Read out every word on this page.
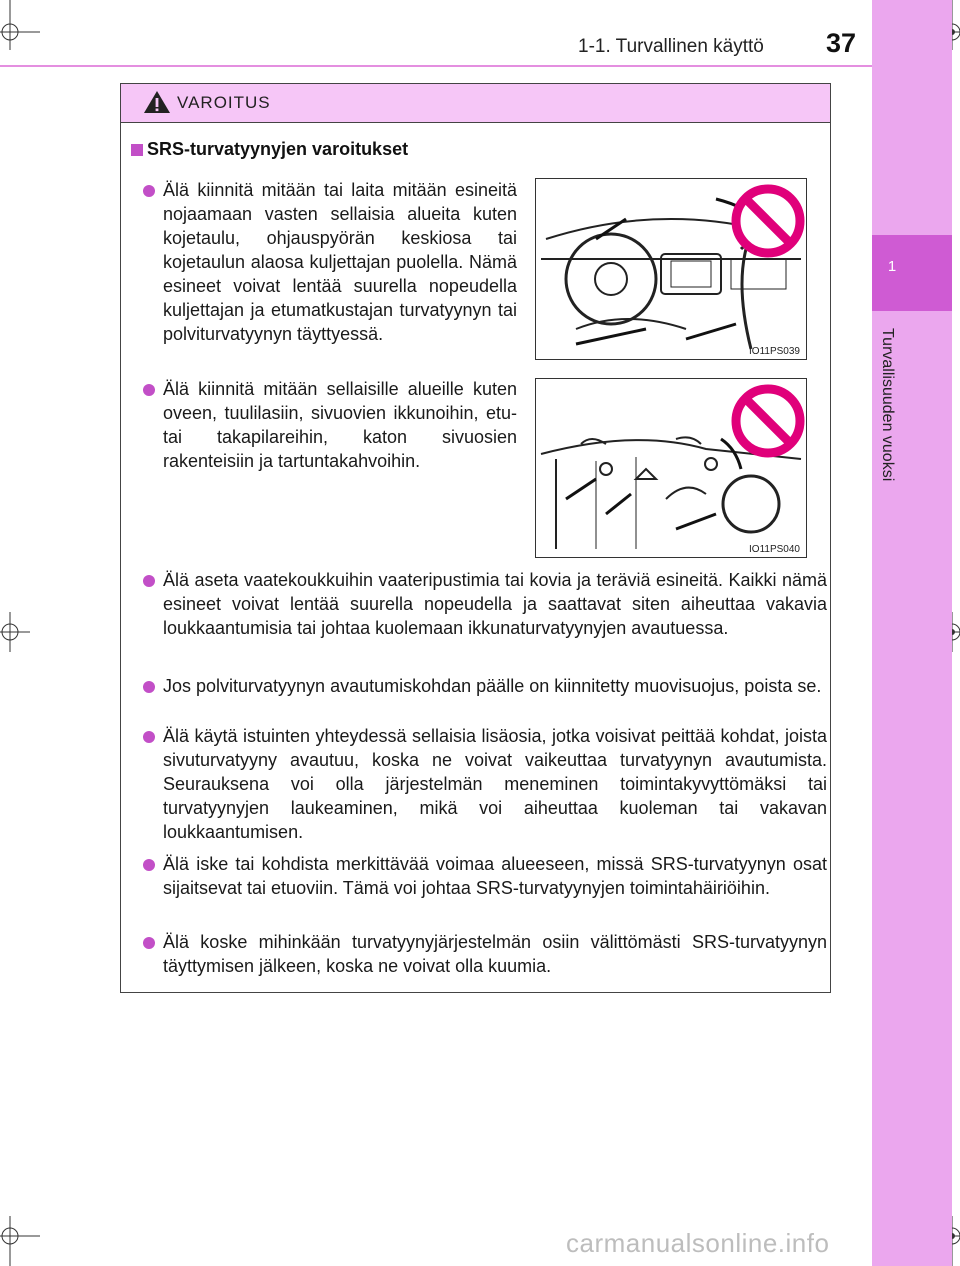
1-1. Turvallinen käyttö 37
1
Turvallisuuden vuoksi
VAROITUS
SRS-turvatyynyjen varoitukset
Älä kiinnitä mitään tai laita mitään esineitä nojaamaan vasten sellaisia alueita kuten kojetaulu, ohjauspyörän keskiosa tai kojetaulun alaosa kuljettajan puolella. Nämä esineet voivat lentää suurella nopeudella kuljettajan ja etumatkustajan turvatyynyn tai polviturvatyynyn täyttyessä.
IO11PS039
Älä kiinnitä mitään sellaisille alueille kuten oveen, tuulilasiin, sivuovien ikkunoihin, etu- tai takapilareihin, katon sivuosien rakenteisiin ja tartuntakahvoihin.
IO11PS040
Älä aseta vaatekoukkuihin vaateripustimia tai kovia ja teräviä esineitä. Kaikki nämä esineet voivat lentää suurella nopeudella ja saattavat siten aiheuttaa vakavia loukkaantumisia tai johtaa kuolemaan ikkunaturvatyynyjen avautuessa.
Jos polviturvatyynyn avautumiskohdan päälle on kiinnitetty muovisuojus, poista se.
Älä käytä istuinten yhteydessä sellaisia lisäosia, jotka voisivat peittää kohdat, joista sivuturvatyyny avautuu, koska ne voivat vaikeuttaa turvatyynyn avautumista. Seurauksena voi olla järjestelmän meneminen toimintakyvyttömäksi tai turvatyynyjen laukeaminen, mikä voi aiheuttaa kuoleman tai vakavan loukkaantumisen.
Älä iske tai kohdista merkittävää voimaa alueeseen, missä SRS-turvatyynyn osat sijaitsevat tai etuoviin. Tämä voi johtaa SRS-turvatyynyjen toimintahäiriöihin.
Älä koske mihinkään turvatyynyjärjestelmän osiin välittömästi SRS-turvatyynyn täyttymisen jälkeen, koska ne voivat olla kuumia.
carmanualsonline.info
